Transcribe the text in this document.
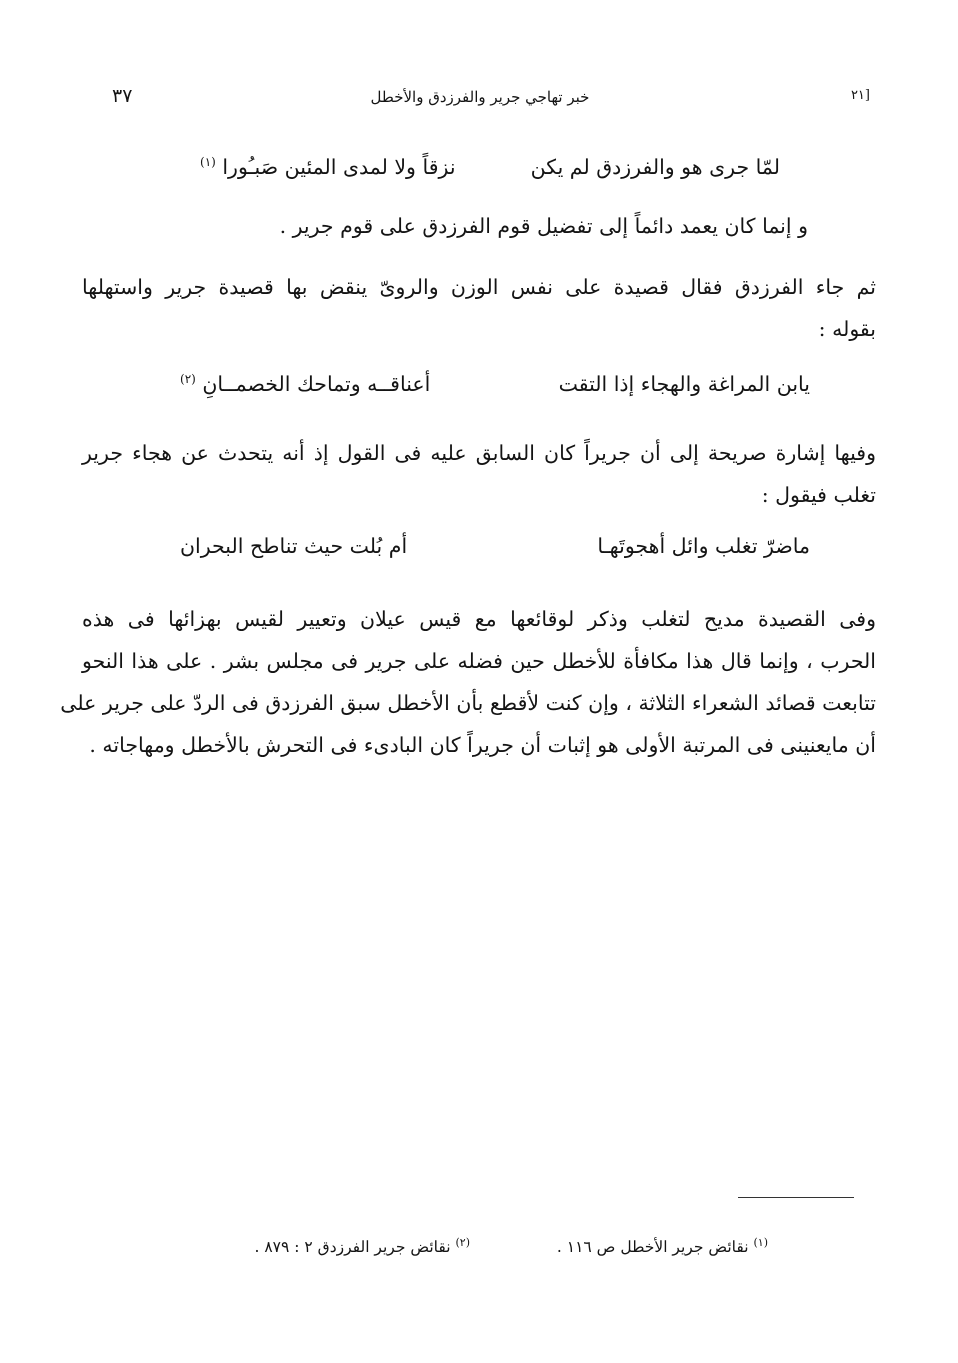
[٢١
خبر تهاجي جرير والفرزدق والأخطل
٣٧
لمّا جرى هو والفرزدق لم يكن
نزقاً ولا لمدى المئين صَبـُورا $^{(١)}$
و إنما كان يعمد دائماً إلى تفضيل قوم الفرزدق على قوم جرير .
ثم جاء الفرزدق فقال قصيدة على نفس الوزن والروىّ ينقض بها قصيدة جرير واستهلها
بقوله :
يابن المراغة والهجاء إذا التقت
أعناقــه وتماحك الخصمــانِ $^{(٢)}$
وفيها إشارة صريحة إلى أن جريراً كان السابق عليه فى القول إذ أنه يتحدث عن هجاء جرير
تغلب فيقول :
ماضرّ تغلب وائل أهجوتَهـا
أم بُلت حيث تناطح البحران
وفى القصيدة مديح لتغلب وذكر لوقائعها مع قيس عيلان وتعيير لقيس بهزائها فى هذه
الحرب ، وإنما قال هذا مكافأة للأخطل حين فضله على جرير فى مجلس بشر . على هذا النحو
تتابعت قصائد الشعراء الثلاثة ، وإن كنت لأقطع بأن الأخطل سبق الفرزدق فى الردّ على جرير على
أن مايعنينى فى المرتبة الأولى هو إثبات أن جريراً كان البادىء فى التحرش بالأخطل ومهاجاته .
$^{(١)}$ نقائض جرير الأخطل ص ١١٦ .
$^{(٢)}$ نقائض جرير الفرزدق ٢ : ٨٧٩ .
